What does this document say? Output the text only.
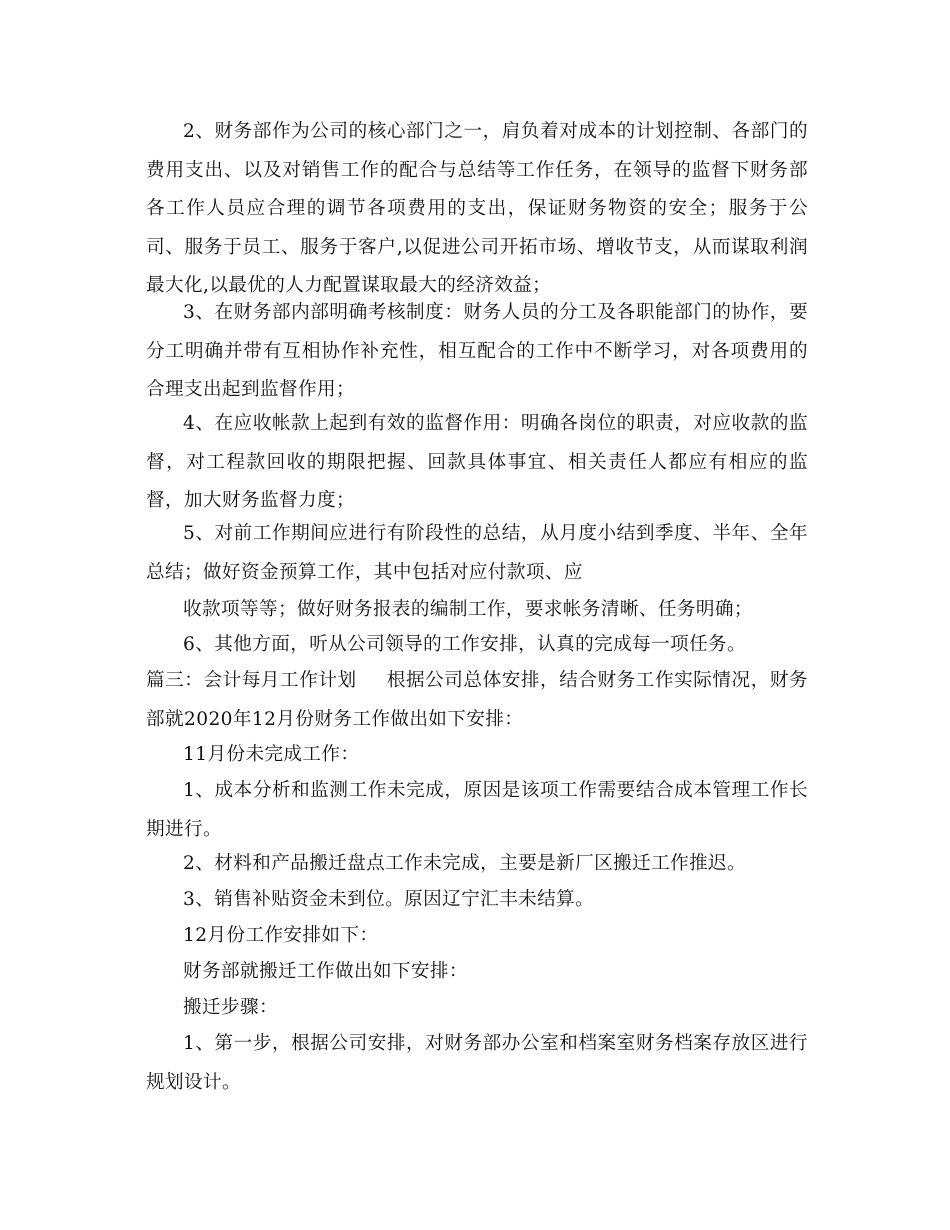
2、财务部作为公司的核心部门之一，肩负着对成本的计划控制、各部门的费用支出、以及对销售工作的配合与总结等工作任务，在领导的监督下财务部各工作人员应合理的调节各项费用的支出，保证财务物资的安全；服务于公司、服务于员工、服务于客户,以促进公司开拓市场、增收节支，从而谋取利润最大化,以最优的人力配置谋取最大的经济效益；

3、在财务部内部明确考核制度：财务人员的分工及各职能部门的协作，要分工明确并带有互相协作补充性，相互配合的工作中不断学习，对各项费用的合理支出起到监督作用；

4、在应收帐款上起到有效的监督作用：明确各岗位的职责，对应收款的监督，对工程款回收的期限把握、回款具体事宜、相关责任人都应有相应的监督，加大财务监督力度；

5、对前工作期间应进行有阶段性的总结，从月度小结到季度、半年、全年总结；做好资金预算工作，其中包括对应付款项、应

收款项等等；做好财务报表的编制工作，要求帐务清晰、任务明确；

6、其他方面，听从公司领导的工作安排，认真的完成每一项任务。

篇三：会计每月工作计划 根据公司总体安排，结合财务工作实际情况，财务部就2020年12月份财务工作做出如下安排：

11月份未完成工作：

1、成本分析和监测工作未完成，原因是该项工作需要结合成本管理工作长期进行。

2、材料和产品搬迁盘点工作未完成，主要是新厂区搬迁工作推迟。

3、销售补贴资金未到位。原因辽宁汇丰未结算。

12月份工作安排如下：

财务部就搬迁工作做出如下安排：

搬迁步骤：

1、第一步，根据公司安排，对财务部办公室和档案室财务档案存放区进行规划设计。
